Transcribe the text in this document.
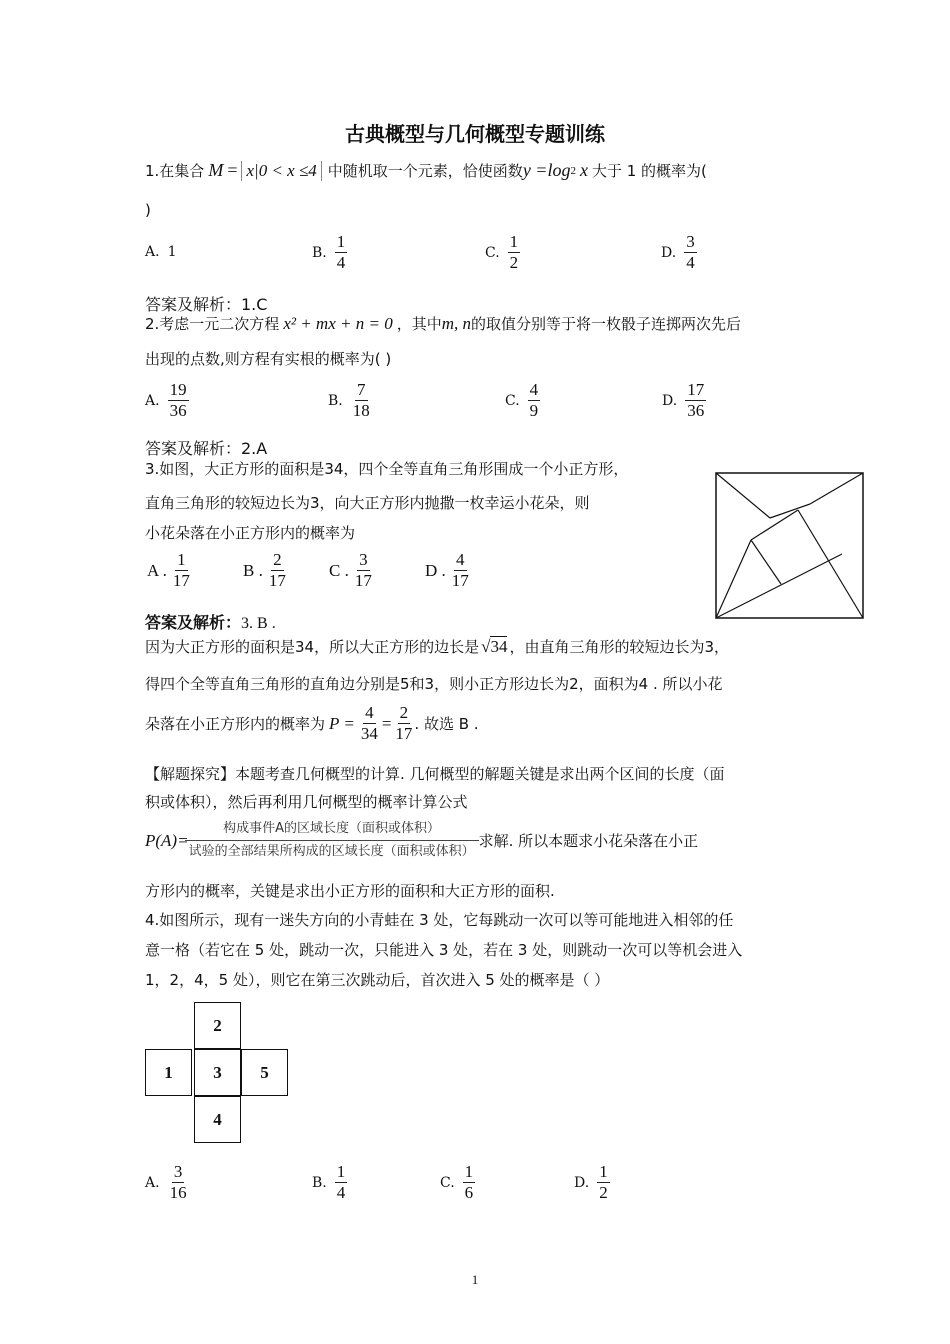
古典概型与几何概型专题训练
1.在集合 M = x|0 < x ≤4 中随机取一个元素，恰使函数 y =log 2 x 大于 1 的概率为(
)
A. 1	B. $\frac{1}{4}$	C. $\frac{1}{2}$	D. $\frac{3}{4}$
答案及解析：1.C
2.考虑一元二次方程 x² + mx + n = 0 ，其中 m, n 的取值分别等于将一枚骰子连掷两次先后
出现的点数,则方程有实根的概率为( )
A. $\frac{19}{36}$	B. $\frac{7}{18}$	C. $\frac{4}{9}$	D. $\frac{17}{36}$
答案及解析：2.A
3.如图，大正方形的面积是34，四个全等直角三角形围成一个小正方形，
直角三角形的较短边长为3，向大正方形内抛撒一枚幸运小花朵，则
小花朵落在小正方形内的概率为
A . $\frac{1}{17}$	B . $\frac{2}{17}$ C . $\frac{3}{17}$	D . $\frac{4}{17}$
答案及解析：3. B .
因为大正方形的面积是34，所以大正方形的边长是 √34 ，由直角三角形的较短边长为3，
得四个全等直角三角形的直角边分别是5和3，则小正方形边长为2，面积为4 . 所以小花
朵落在小正方形内的概率为 $P = \frac{4}{34} = \frac{2}{17}$ . 故选 B .
【解题探究】本题考查几何概型的计算. 几何概型的解题关键是求出两个区间的长度（面
积或体积），然后再利用几何概型的概率计算公式
$P(A)= \frac{\text{构成事件A的区域长度（面积或体积）}}{\text{试验的全部结果所构成的区域长度（面积或体积）}}$ 求解. 所以本题求小花朵落在小正
方形内的概率，关键是求出小正方形的面积和大正方形的面积.
4.如图所示，现有一迷失方向的小青蛙在 3 处，它每跳动一次可以等可能地进入相邻的任
意一格（若它在 5 处，跳动一次，只能进入 3 处，若在 3 处，则跳动一次可以等机会进入
1，2，4，5 处），则它在第三次跳动后，首次进入 5 处的概率是（ ）
2
1	3	5
4
A. $\frac{3}{16}$	B. $\frac{1}{4}$	C. $\frac{1}{6}$	D. $\frac{1}{2}$
1
